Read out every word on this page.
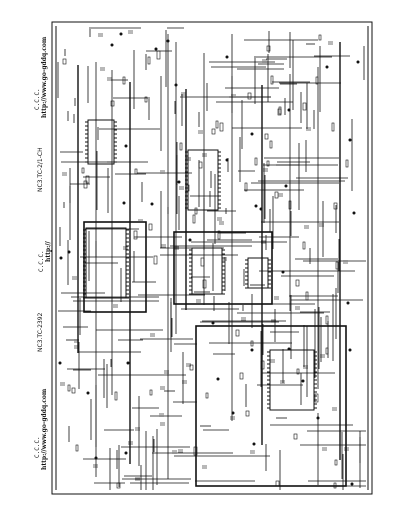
C.C.C. http://www.go-gddq.com
C.C.C. http://
C.C.C. http://www.go-gddq.com
NC3.TC-2/1-CH
NC3.TC-2392
